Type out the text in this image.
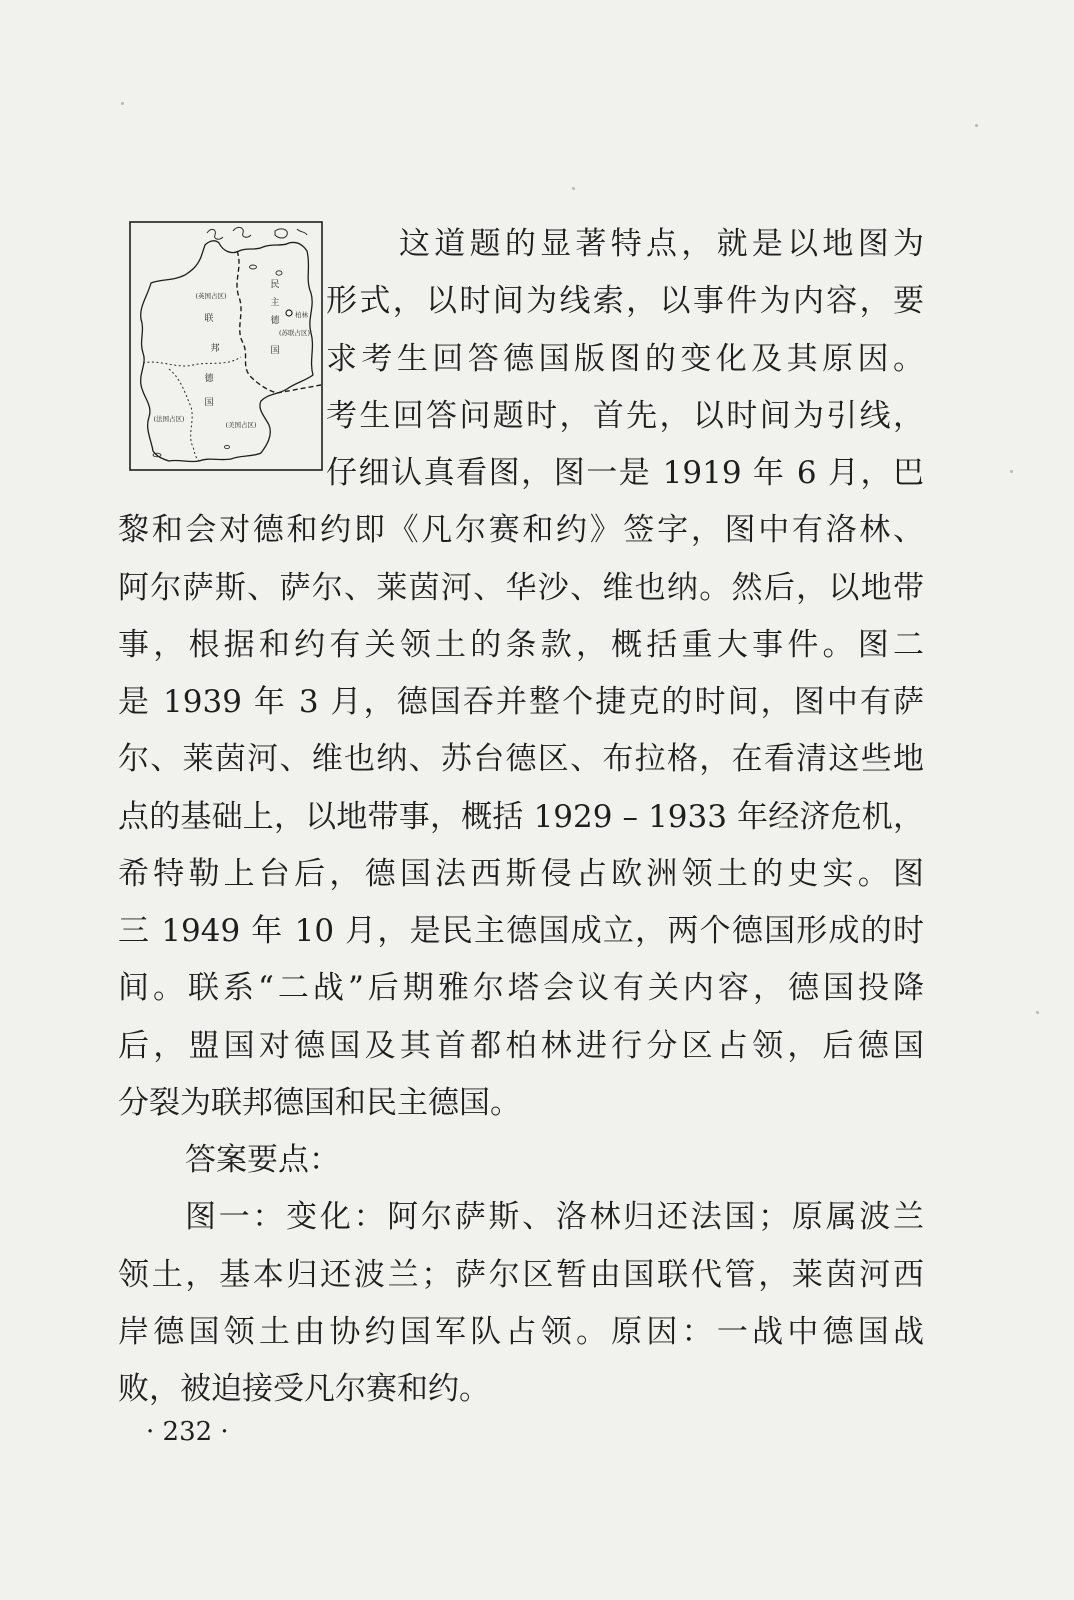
(英国占区)
联
邦
德
国
民
主
德
国
柏林
(苏联占区)
(美国占区)
(法国占区)
这道题的显著特点，就是以地图为
形式，以时间为线索，以事件为内容，要
求考生回答德国版图的变化及其原因。
考生回答问题时，首先，以时间为引线，
仔细认真看图，图一是 1919 年 6 月，巴
黎和会对德和约即《凡尔赛和约》签字，图中有洛林、
阿尔萨斯、萨尔、莱茵河、华沙、维也纳。然后，以地带
事，根据和约有关领土的条款，概括重大事件。图二
是 1939 年 3 月，德国吞并整个捷克的时间，图中有萨
尔、莱茵河、维也纳、苏台德区、布拉格，在看清这些地
点的基础上，以地带事，概括 1929 – 1933 年经济危机，
希特勒上台后，德国法西斯侵占欧洲领土的史实。图
三 1949 年 10 月，是民主德国成立，两个德国形成的时
间。联系“二战”后期雅尔塔会议有关内容，德国投降
后，盟国对德国及其首都柏林进行分区占领，后德国
分裂为联邦德国和民主德国。
答案要点：
图一：变化：阿尔萨斯、洛林归还法国；原属波兰
领土，基本归还波兰；萨尔区暂由国联代管，莱茵河西
岸德国领土由协约国军队占领。原因：一战中德国战
败，被迫接受凡尔赛和约。
· 232 ·
